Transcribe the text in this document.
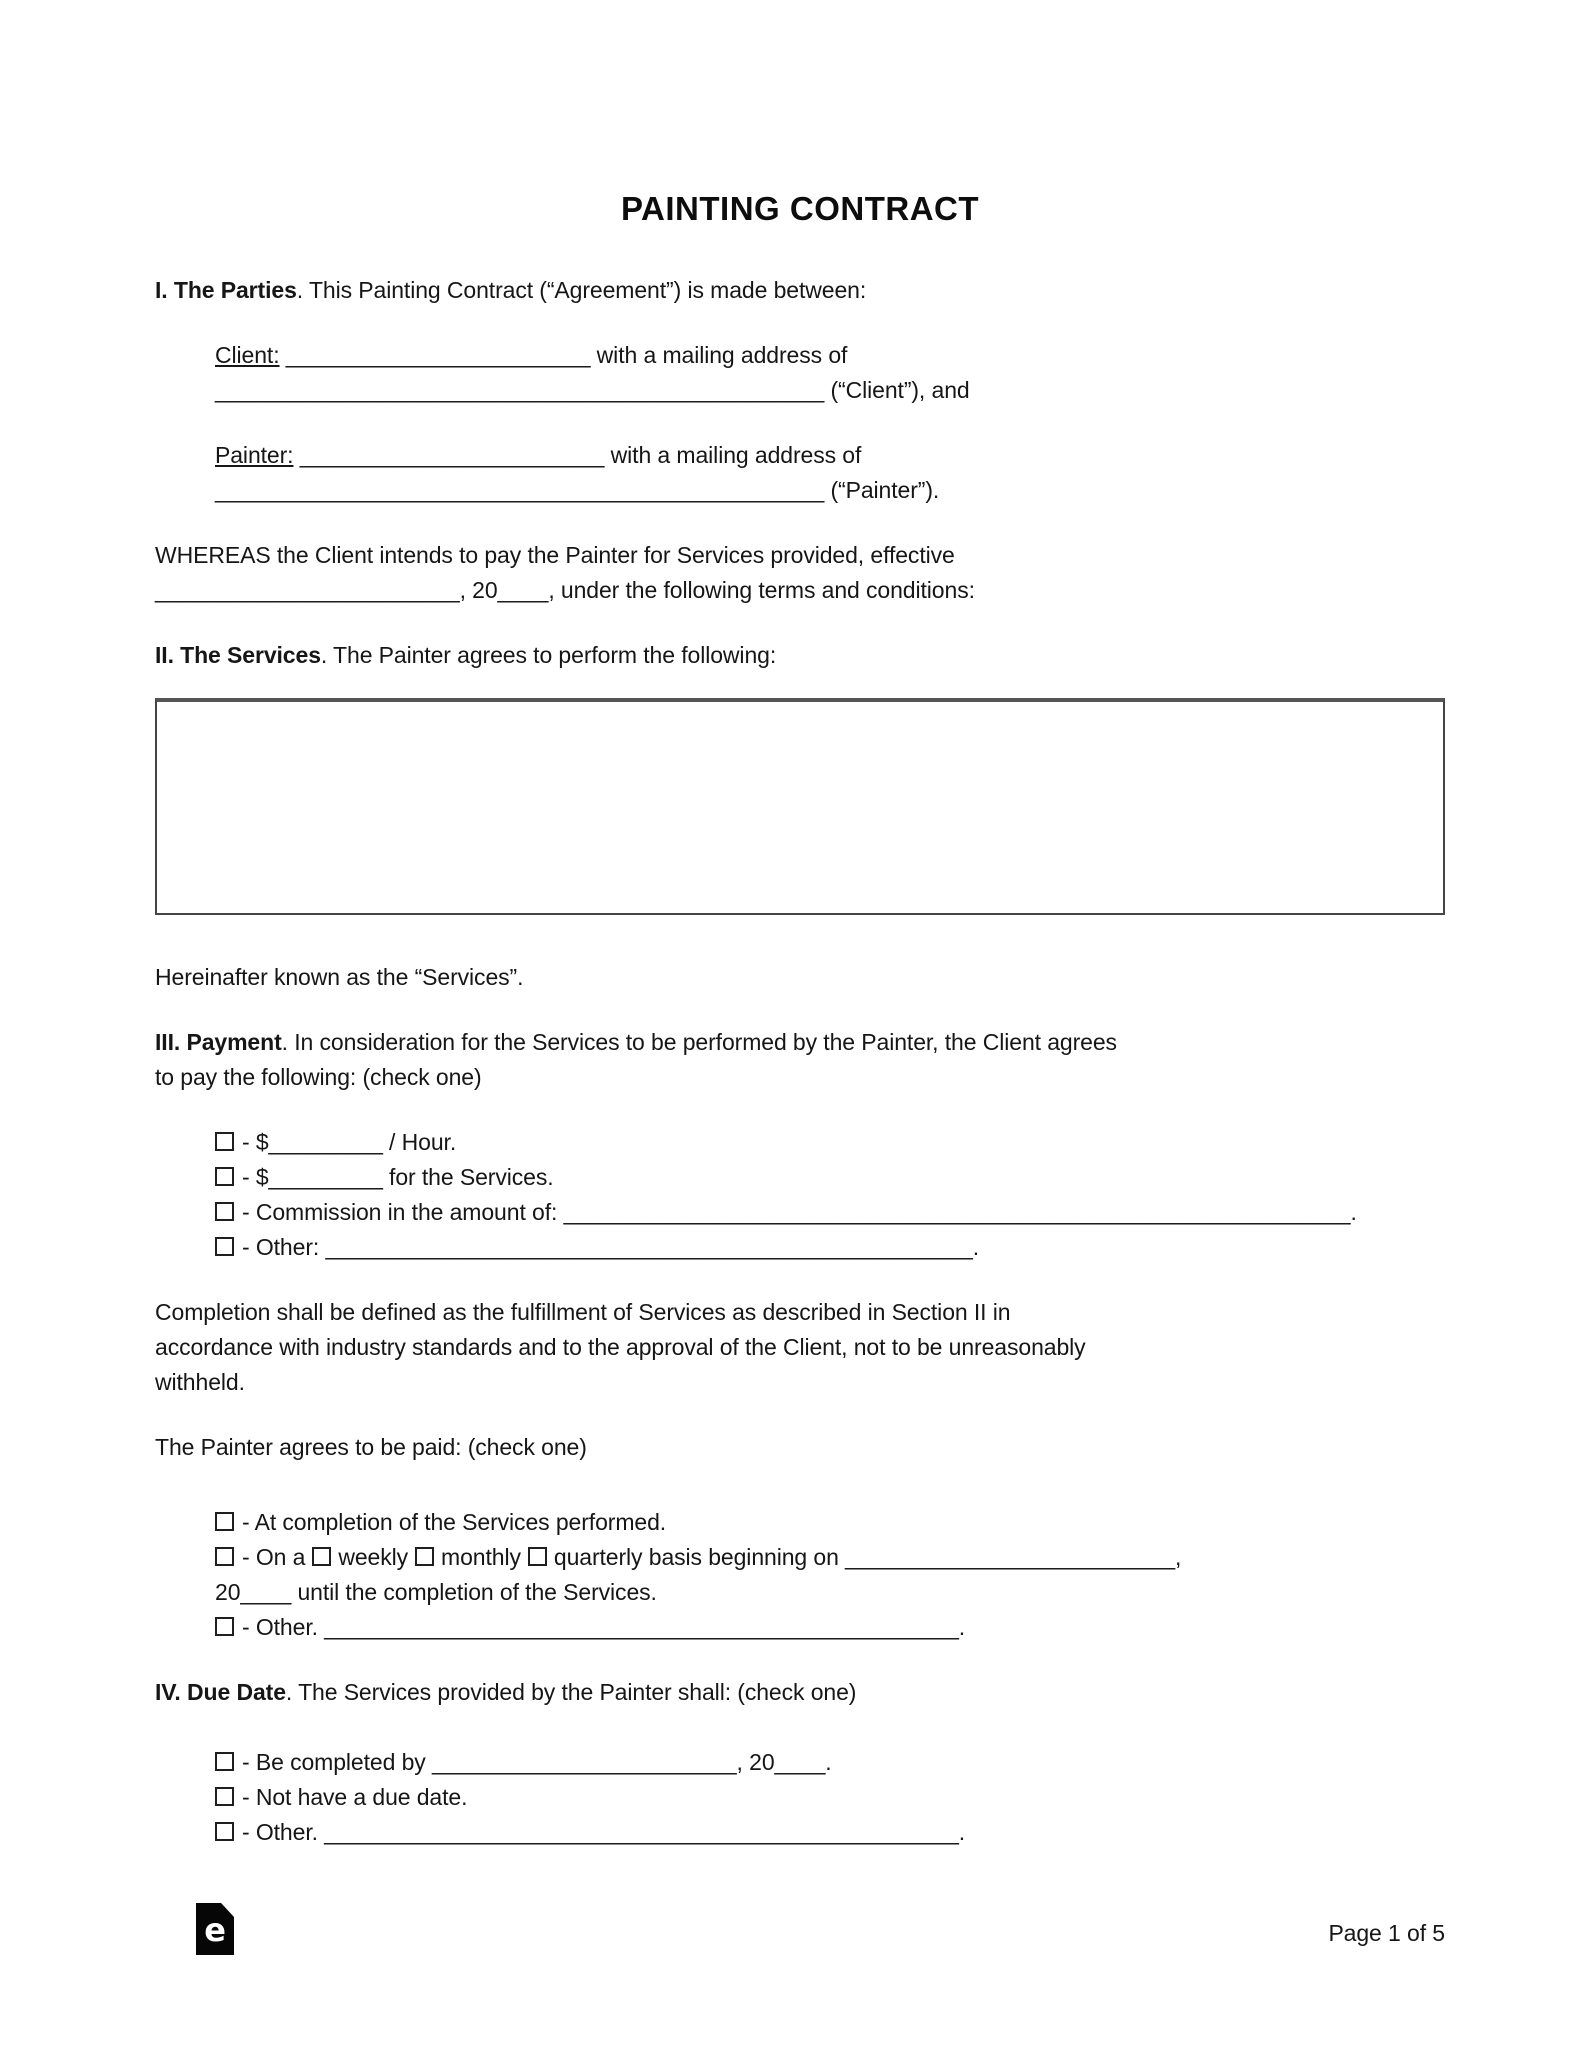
PAINTING CONTRACT

I. The Parties. This Painting Contract (“Agreement”) is made between:

Client: ________________________ with a mailing address of
________________________________________________ (“Client”), and

Painter: ________________________ with a mailing address of
________________________________________________ (“Painter”).

WHEREAS the Client intends to pay the Painter for Services provided, effective
________________________, 20____, under the following terms and conditions:

II. The Services. The Painter agrees to perform the following:

Hereinafter known as the “Services”.

III. Payment. In consideration for the Services to be performed by the Painter, the Client agrees
to pay the following: (check one)

- $_________ / Hour.
- $_________ for the Services.
- Commission in the amount of: ______________________________________________________________.
- Other: ___________________________________________________.

Completion shall be defined as the fulfillment of Services as described in Section II in
accordance with industry standards and to the approval of the Client, not to be unreasonably
withheld.

The Painter agrees to be paid: (check one)

- At completion of the Services performed.
- On a weekly monthly quarterly basis beginning on __________________________,
20____ until the completion of the Services.
- Other. __________________________________________________.

IV. Due Date. The Services provided by the Painter shall: (check one)

- Be completed by ________________________, 20____.
- Not have a due date.
- Other. __________________________________________________.
e	Page 1 of 5
